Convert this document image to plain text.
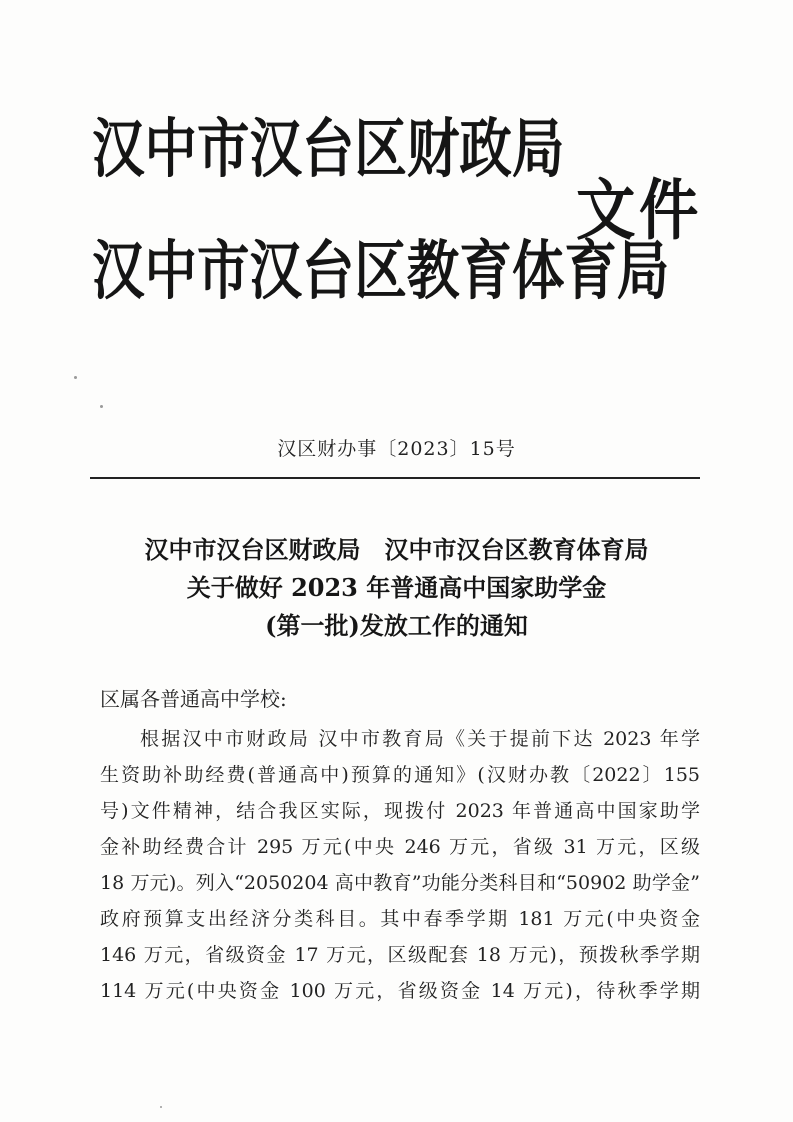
汉中市汉台区财政局
汉中市汉台区教育体育局
文件
汉区财办事〔2023〕15号
汉中市汉台区财政局　汉中市汉台区教育体育局
关于做好 2023 年普通高中国家助学金
(第一批)发放工作的通知
区属各普通高中学校:
根据汉中市财政局 汉中市教育局《关于提前下达 2023 年学
生资助补助经费(普通高中)预算的通知》(汉财办教〔2022〕155
号)文件精神，结合我区实际，现拨付 2023 年普通高中国家助学
金补助经费合计 295 万元(中央 246 万元，省级 31 万元，区级
18 万元)。列入“2050204 高中教育”功能分类科目和“50902 助学金”
政府预算支出经济分类科目。其中春季学期 181 万元(中央资金
146 万元，省级资金 17 万元，区级配套 18 万元)，预拨秋季学期
114 万元(中央资金 100 万元，省级资金 14 万元)，待秋季学期
